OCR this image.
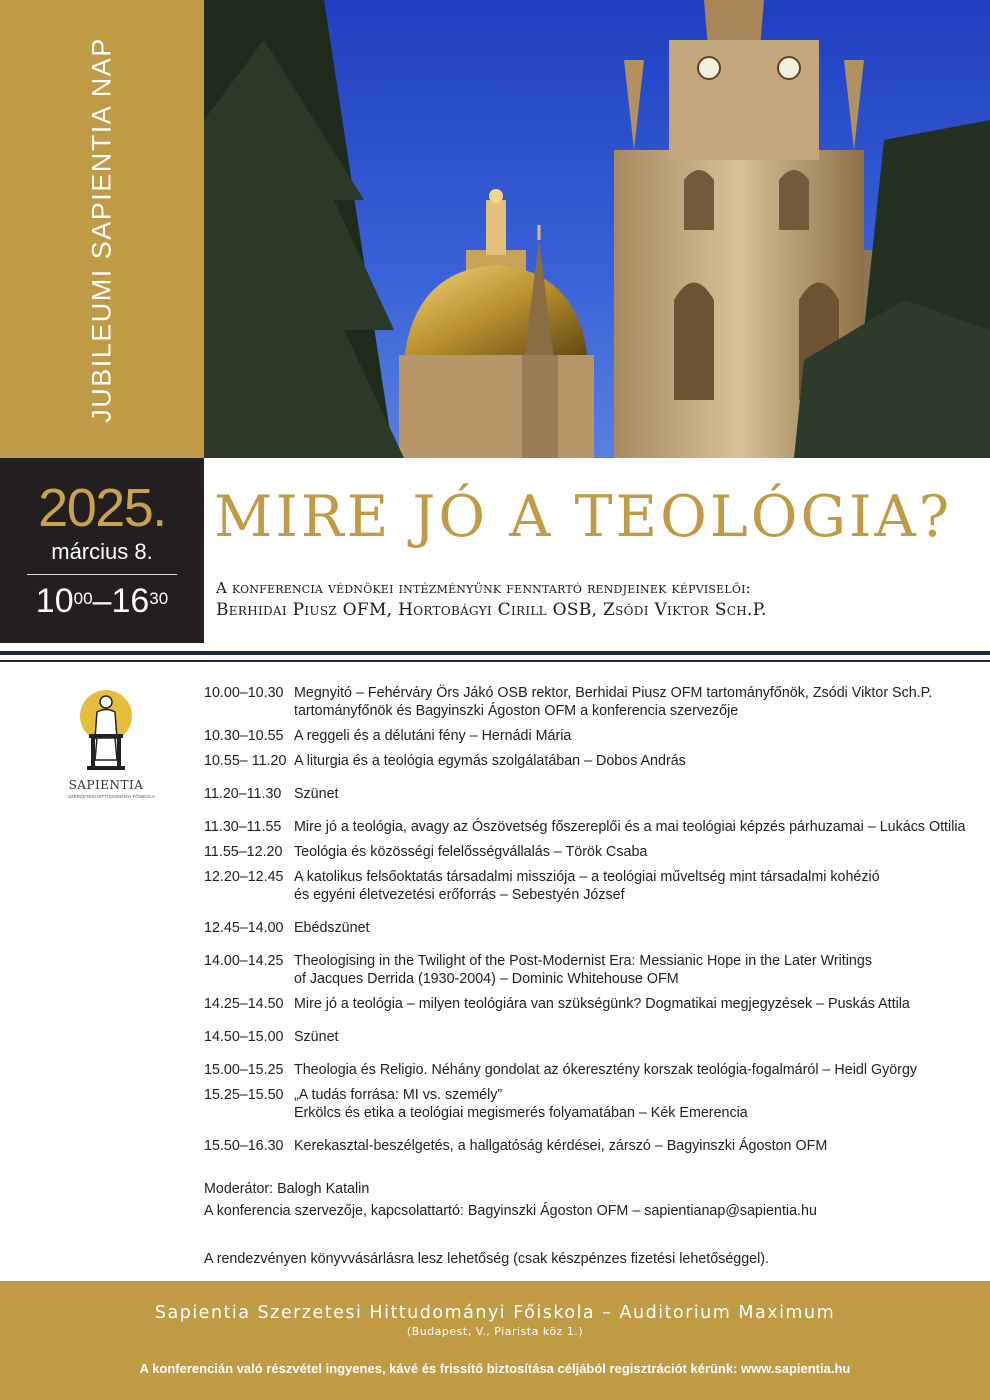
JUBILEUMI SAPIENTIA NAP
2025.
március 8.
$10^{00}-16^{30}$
MIRE JÓ A TEOLÓGIA?
A konferencia védnökei intézményünk fenntartó rendjeinek képviselői:
Berhidai Piusz OFM, Hortobágyi Cirill OSB, Zsódi Viktor Sch.P.
SAPIENTIA
SZERZETESI HITTUDOMÁNYI FŐISKOLA
10.00–10.30 Megnyitó – Fehérváry Örs Jákó OSB rektor, Berhidai Piusz OFM tartományfőnök, Zsódi Viktor Sch.P.
tartományfőnök és Bagyinszki Ágoston OFM a konferencia szervezője
10.30–10.55 A reggeli és a délutáni fény – Hernádi Mária
10.55– 11.20 A liturgia és a teológia egymás szolgálatában – Dobos András
11.20–11.30 Szünet
11.30–11.55 Mire jó a teológia, avagy az Ószövetség főszereplői és a mai teológiai képzés párhuzamai – Lukács Ottilia
11.55–12.20 Teológia és közösségi felelősségvállalás – Török Csaba
12.20–12.45 A katolikus felsőoktatás társadalmi missziója – a teológiai műveltség mint társadalmi kohézió
és egyéni életvezetési erőforrás – Sebestyén József
12.45–14.00 Ebédszünet
14.00–14.25 Theologising in the Twilight of the Post-Modernist Era: Messianic Hope in the Later Writings
of Jacques Derrida (1930-2004) – Dominic Whitehouse OFM
14.25–14.50 Mire jó a teológia – milyen teológiára van szükségünk? Dogmatikai megjegyzések – Puskás Attila
14.50–15.00 Szünet
15.00–15.25 Theologia és Religio. Néhány gondolat az ókeresztény korszak teológia-fogalmáról – Heidl György
15.25–15.50 „A tudás forrása: MI vs. személy”
Erkölcs és etika a teológiai megismerés folyamatában – Kék Emerencia
15.50–16.30 Kerekasztal-beszélgetés, a hallgatóság kérdései, zárszó – Bagyinszki Ágoston OFM
Moderátor: Balogh Katalin
A konferencia szervezője, kapcsolattartó: Bagyinszki Ágoston OFM – sapientianap@sapientia.hu
A rendezvényen könyvvásárlásra lesz lehetőség (csak készpénzes fizetési lehetőséggel).
Sapientia Szerzetesi Hittudományi Főiskola – Auditorium Maximum
(Budapest, V., Piarista köz 1.)
A konferencián való részvétel ingyenes, kávé és frissítő biztosítása céljából regisztrációt kérünk: www.sapientia.hu
